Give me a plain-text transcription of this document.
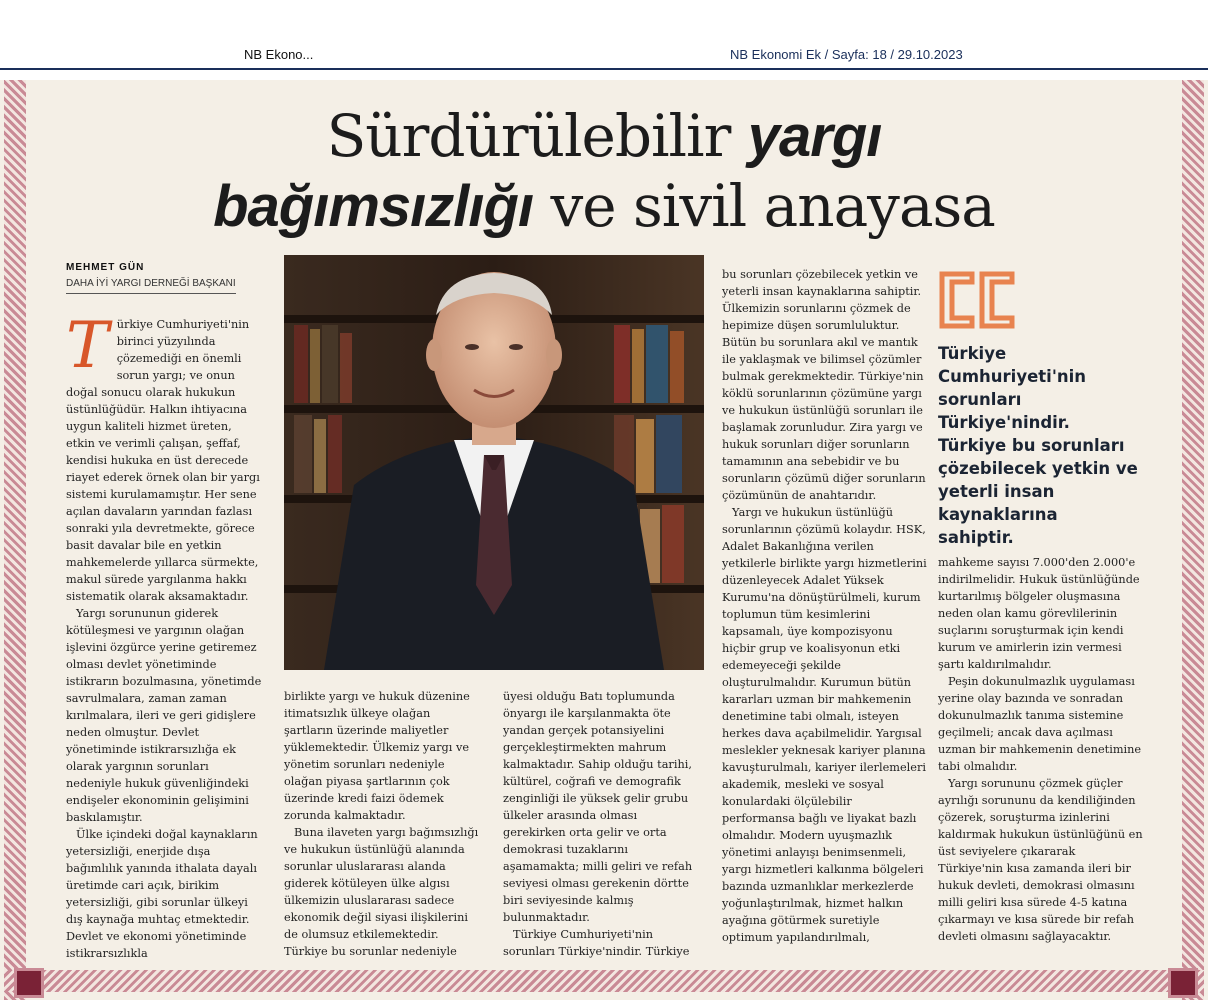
NB Ekono...	NB Ekonomi Ek / Sayfa: 18 / 29.10.2023
Sürdürülebilir yargı
bağımsızlığı ve sivil anayasa
MEHMET GÜN
DAHA İYİ YARGI DERNEĞİ BAŞKANI
T ürkiye Cumhuriyeti'nin birinci yüzyılında çözemediği en önemli sorun yargı; ve onun doğal sonucu olarak hukukun üstünlüğüdür. Halkın ihtiyacına uygun kaliteli hizmet üreten, etkin ve verimli çalışan, şeffaf, kendisi hukuka en üst derecede riayet ederek örnek olan bir yargı sistemi kurulamamıştır. Her sene açılan davaların yarından fazlası sonraki yıla devretmekte, görece basit davalar bile en yetkin mahkemelerde yıllarca sürmekte, makul sürede yargılanma hakkı sistematik olarak aksamaktadır.

Yargı sorununun giderek kötüleşmesi ve yargının olağan işlevini özgürce yerine getiremez olması devlet yönetiminde istikrarın bozulmasına, yönetimde savrulmalara, zaman zaman kırılmalara, ileri ve geri gidişlere neden olmuştur. Devlet yönetiminde istikrarsızlığa ek olarak yargının sorunları nedeniyle hukuk güvenliğindeki endişeler ekonominin gelişimini baskılamıştır.

Ülke içindeki doğal kaynakların yetersizliği, enerjide dışa bağımlılık yanında ithalata dayalı üretimde cari açık, birikim yetersizliği, gibi sorunlar ülkeyi dış kaynağa muhtaç etmektedir. Devlet ve ekonomi yönetiminde istikrarsızlıkla

birlikte yargı ve hukuk düzenine itimatsızlık ülkeye olağan şartların üzerinde maliyetler yüklemektedir. Ülkemiz yargı ve yönetim sorunları nedeniyle olağan piyasa şartlarının çok üzerinde kredi faizi ödemek zorunda kalmaktadır.

Buna ilaveten yargı bağımsızlığı ve hukukun üstünlüğü alanında sorunlar uluslararası alanda giderek kötüleyen ülke algısı ülkemizin uluslararası sadece ekonomik değil siyasi ilişkilerini de olumsuz etkilemektedir. Türkiye bu sorunlar nedeniyle

üyesi olduğu Batı toplumunda önyargı ile karşılanmakta öte yandan gerçek potansiyelini gerçekleştirmekten mahrum kalmaktadır. Sahip olduğu tarihi, kültürel, coğrafi ve demografik zenginliği ile yüksek gelir grubu ülkeler arasında olması gerekirken orta gelir ve orta demokrasi tuzaklarını aşamamakta; milli geliri ve refah seviyesi olması gerekenin dörtte biri seviyesinde kalmış bulunmaktadır.

Türkiye Cumhuriyeti'nin sorunları Türkiye'nindir. Türkiye

bu sorunları çözebilecek yetkin ve yeterli insan kaynaklarına sahiptir. Ülkemizin sorunlarını çözmek de hepimize düşen sorumluluktur. Bütün bu sorunlara akıl ve mantık ile yaklaşmak ve bilimsel çözümler bulmak gerekmektedir. Türkiye'nin köklü sorunlarının çözümüne yargı ve hukukun üstünlüğü sorunları ile başlamak zorunludur. Zira yargı ve hukuk sorunları diğer sorunların tamamının ana sebebidir ve bu sorunların çözümü diğer sorunların çözümünün de anahtarıdır.

Yargı ve hukukun üstünlüğü sorunlarının çözümü kolaydır. HSK, Adalet Bakanlığına verilen yetkilerle birlikte yargı hizmetlerini düzenleyecek Adalet Yüksek Kurumu'na dönüştürülmeli, kurum toplumun tüm kesimlerini kapsamalı, üye kompozisyonu hiçbir grup ve koalisyonun etki edemeyeceği şekilde oluşturulmalıdır. Kurumun bütün kararları uzman bir mahkemenin denetimine tabi olmalı, isteyen herkes dava açabilmelidir. Yargısal meslekler yeknesak kariyer planına kavuşturulmalı, kariyer ilerlemeleri akademik, mesleki ve sosyal konulardaki ölçülebilir performansa bağlı ve liyakat bazlı olmalıdır. Modern uyuşmazlık yönetimi anlayışı benimsenmeli, yargı hizmetleri kalkınma bölgeleri bazında uzmanlıklar merkezlerde yoğunlaştırılmak, hizmet halkın ayağına götürmek suretiyle optimum yapılandırılmalı,

Türkiye Cumhuriyeti'nin sorunları Türkiye'nindir. Türkiye bu sorunları çözebilecek yetkin ve yeterli insan kaynaklarına sahiptir.

mahkeme sayısı 7.000'den 2.000'e indirilmelidir. Hukuk üstünlüğünde kurtarılmış bölgeler oluşmasına neden olan kamu görevlilerinin suçlarını soruşturmak için kendi kurum ve amirlerin izin vermesi şartı kaldırılmalıdır.

Peşin dokunulmazlık uygulaması yerine olay bazında ve sonradan dokunulmazlık tanıma sistemine geçilmeli; ancak dava açılması uzman bir mahkemenin denetimine tabi olmalıdır.

Yargı sorununu çözmek güçler ayrılığı sorununu da kendiliğinden çözerek, soruşturma izinlerini kaldırmak hukukun üstünlüğünü en üst seviyelere çıkararak Türkiye'nin kısa zamanda ileri bir hukuk devleti, demokrasi olmasını milli geliri kısa sürede 4-5 katına çıkarmayı ve kısa sürede bir refah devleti olmasını sağlayacaktır.
